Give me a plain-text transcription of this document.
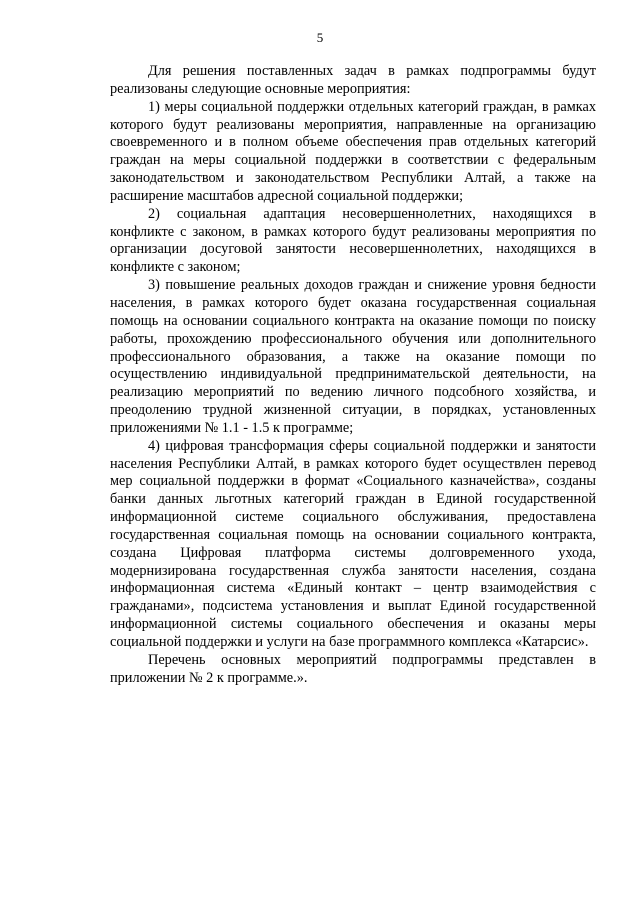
5

Для решения поставленных задач в рамках подпрограммы будут реализованы следующие основные мероприятия:

1) меры социальной поддержки отдельных категорий граждан, в рамках которого будут реализованы мероприятия, направленные на организацию своевременного и в полном объеме обеспечения прав отдельных категорий граждан на меры социальной поддержки в соответствии с федеральным законодательством и законодательством Республики Алтай, а также на расширение масштабов адресной социальной поддержки;

2) социальная адаптация несовершеннолетних, находящихся в конфликте с законом, в рамках которого будут реализованы мероприятия по организации досуговой занятости несовершеннолетних, находящихся в конфликте с законом;

3) повышение реальных доходов граждан и снижение уровня бедности населения, в рамках которого будет оказана государственная социальная помощь на основании социального контракта на оказание помощи по поиску работы, прохождению профессионального обучения или дополнительного профессионального образования, а также на оказание помощи по осуществлению индивидуальной предпринимательской деятельности, на реализацию мероприятий по ведению личного подсобного хозяйства, и преодолению трудной жизненной ситуации, в порядках, установленных приложениями № 1.1 - 1.5 к программе;

4) цифровая трансформация сферы социальной поддержки и занятости населения Республики Алтай, в рамках которого будет осуществлен перевод мер социальной поддержки в формат «Социального казначейства», созданы банки данных льготных категорий граждан в Единой государственной информационной системе социального обслуживания, предоставлена государственная социальная помощь на основании социального контракта, создана Цифровая платформа системы долговременного ухода, модернизирована государственная служба занятости населения, создана информационная система «Единый контакт – центр взаимодействия с гражданами», подсистема установления и выплат Единой государственной информационной системы социального обеспечения и оказаны меры социальной поддержки и услуги на базе программного комплекса «Катарсис».

Перечень основных мероприятий подпрограммы представлен в приложении № 2 к программе.».
